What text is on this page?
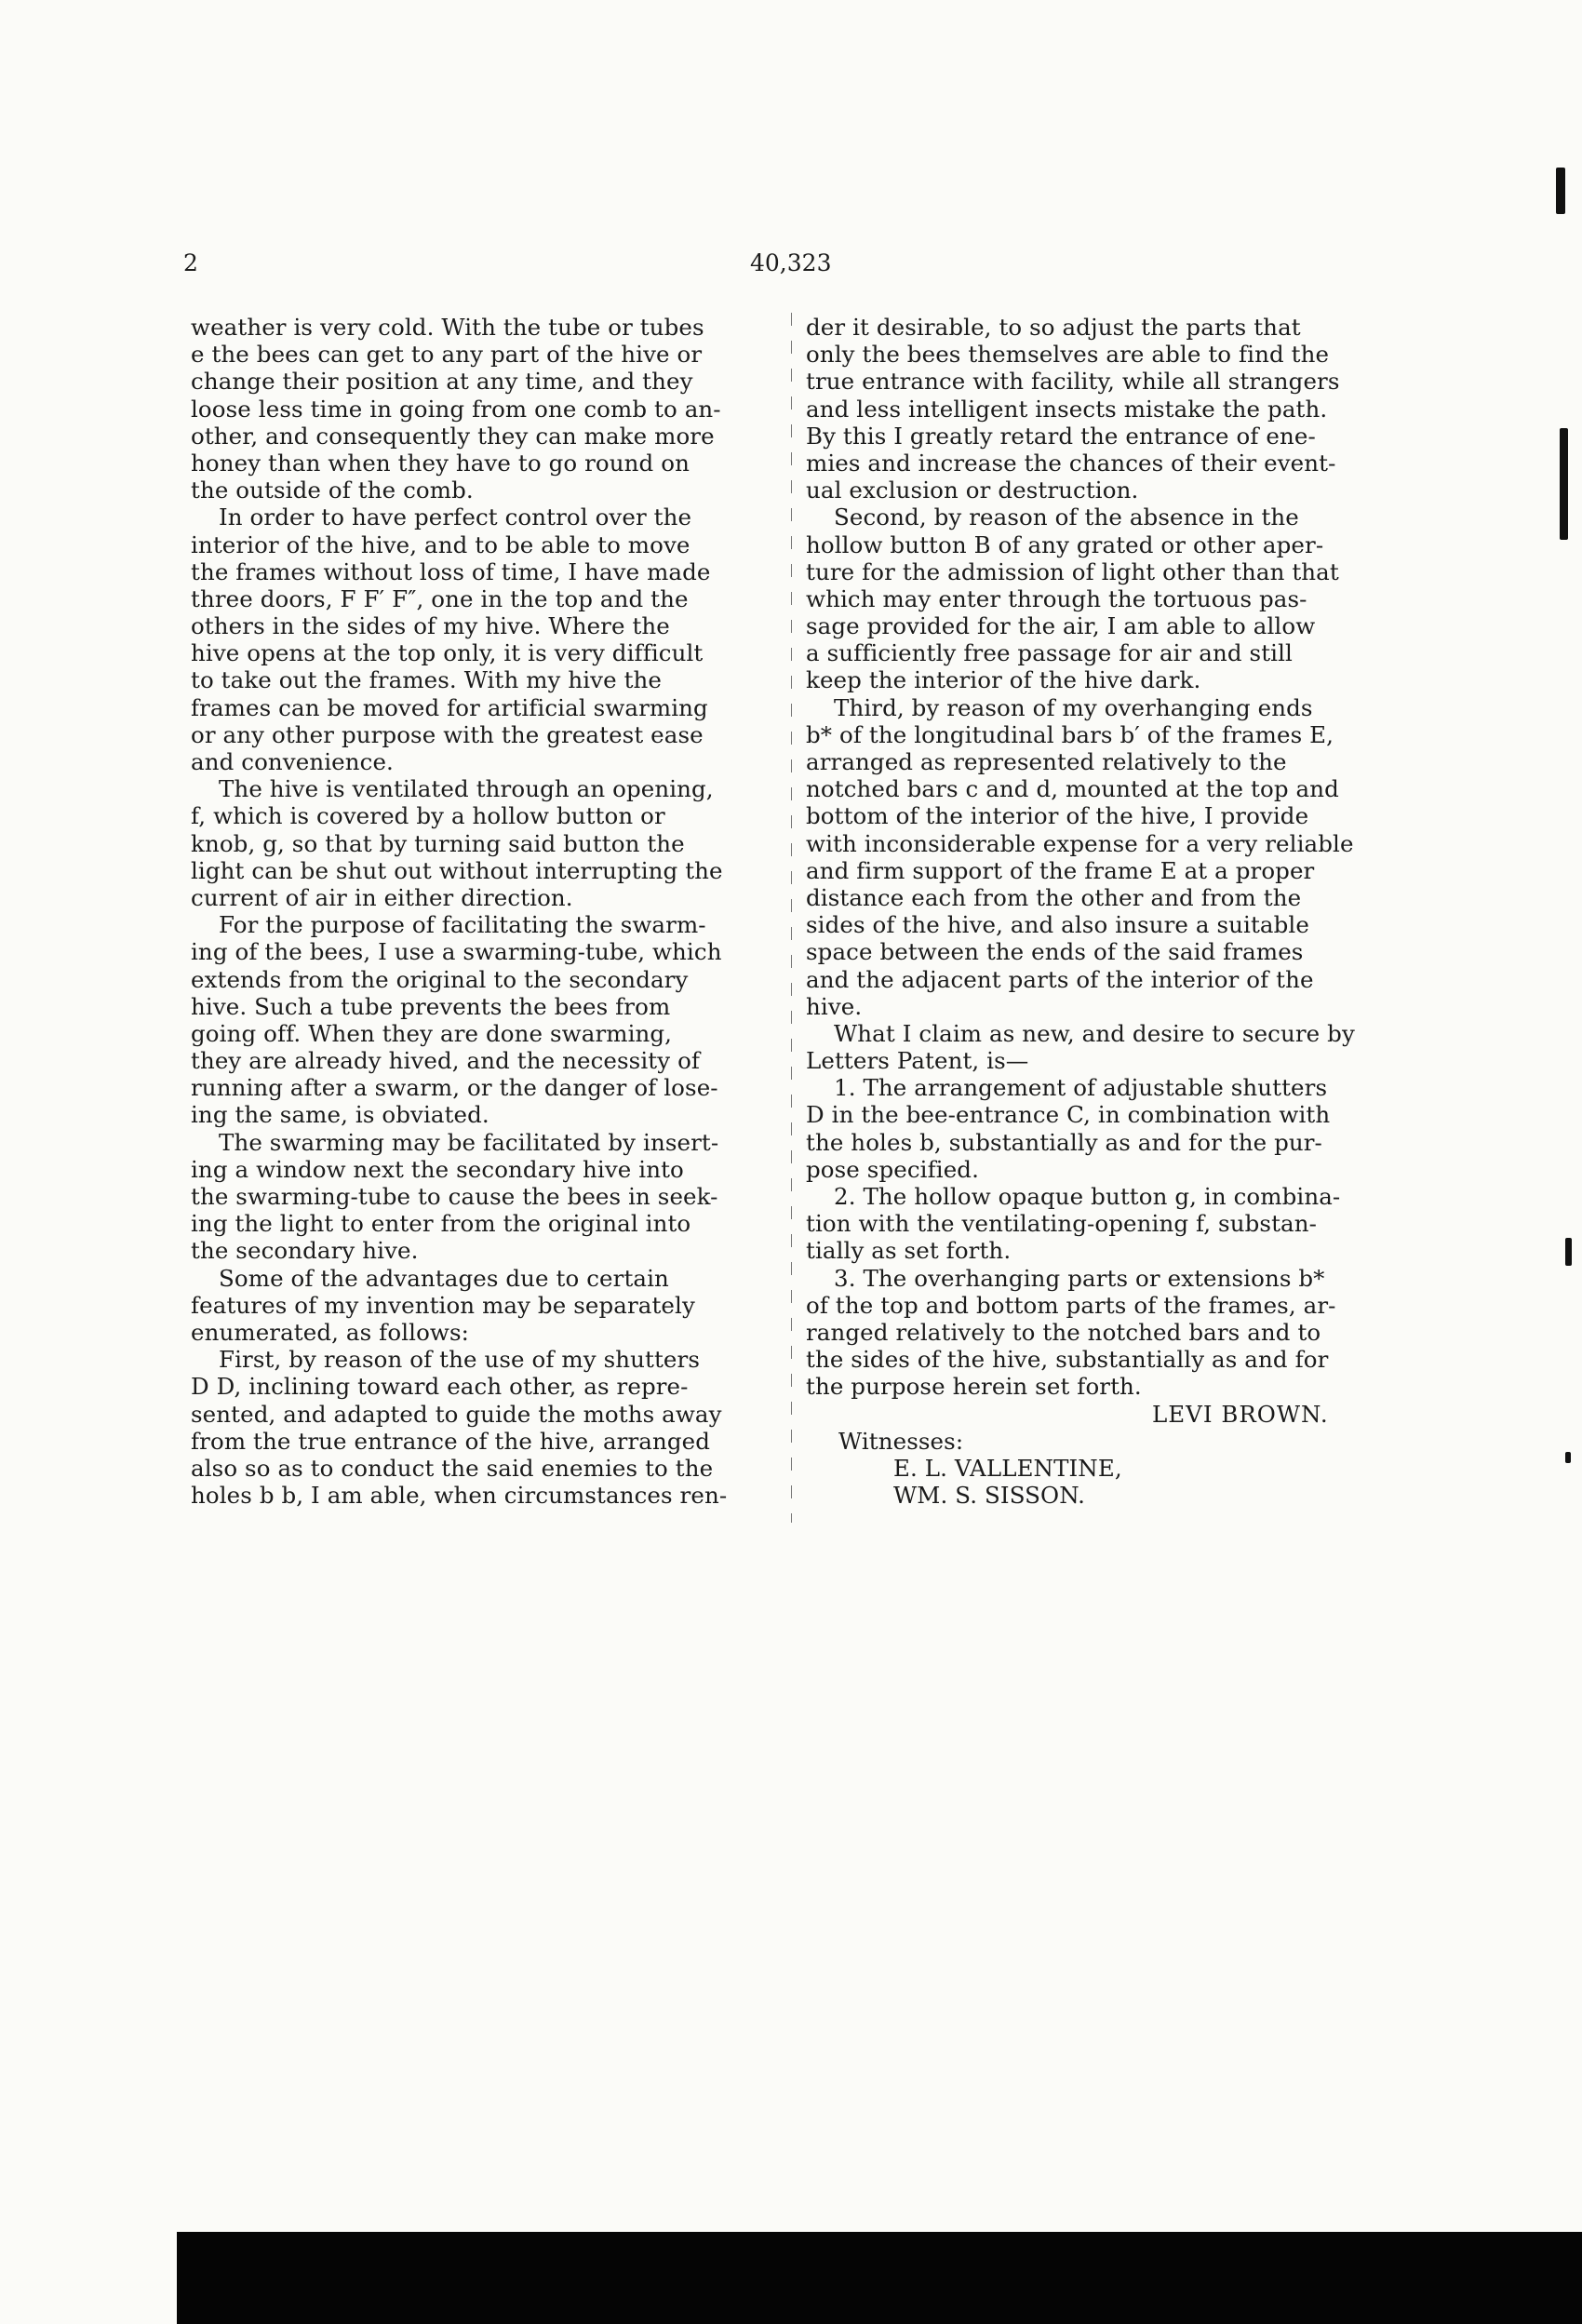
2	40,323
weather is very cold. With the tube or tubes
e the bees can get to any part of the hive or
change their position at any time, and they
loose less time in going from one comb to an-
other, and consequently they can make more
honey than when they have to go round on
the outside of the comb.
In order to have perfect control over the
interior of the hive, and to be able to move
the frames without loss of time, I have made
three doors, F F′ F″, one in the top and the
others in the sides of my hive. Where the
hive opens at the top only, it is very difficult
to take out the frames. With my hive the
frames can be moved for artificial swarming
or any other purpose with the greatest ease
and convenience.
The hive is ventilated through an opening,
f, which is covered by a hollow button or
knob, g, so that by turning said button the
light can be shut out without interrupting the
current of air in either direction.
For the purpose of facilitating the swarm-
ing of the bees, I use a swarming-tube, which
extends from the original to the secondary
hive. Such a tube prevents the bees from
going off. When they are done swarming,
they are already hived, and the necessity of
running after a swarm, or the danger of lose-
ing the same, is obviated.
The swarming may be facilitated by insert-
ing a window next the secondary hive into
the swarming-tube to cause the bees in seek-
ing the light to enter from the original into
the secondary hive.
Some of the advantages due to certain
features of my invention may be separately
enumerated, as follows:
First, by reason of the use of my shutters
D D, inclining toward each other, as repre-
sented, and adapted to guide the moths away
from the true entrance of the hive, arranged
also so as to conduct the said enemies to the
holes b b, I am able, when circumstances ren-
der it desirable, to so adjust the parts that
only the bees themselves are able to find the
true entrance with facility, while all strangers
and less intelligent insects mistake the path.
By this I greatly retard the entrance of ene-
mies and increase the chances of their event-
ual exclusion or destruction.
Second, by reason of the absence in the
hollow button B of any grated or other aper-
ture for the admission of light other than that
which may enter through the tortuous pas-
sage provided for the air, I am able to allow
a sufficiently free passage for air and still
keep the interior of the hive dark.
Third, by reason of my overhanging ends
b* of the longitudinal bars b′ of the frames E,
arranged as represented relatively to the
notched bars c and d, mounted at the top and
bottom of the interior of the hive, I provide
with inconsiderable expense for a very reliable
and firm support of the frame E at a proper
distance each from the other and from the
sides of the hive, and also insure a suitable
space between the ends of the said frames
and the adjacent parts of the interior of the
hive.
What I claim as new, and desire to secure by
Letters Patent, is—
1. The arrangement of adjustable shutters
D in the bee-entrance C, in combination with
the holes b, substantially as and for the pur-
pose specified.
2. The hollow opaque button g, in combina-
tion with the ventilating-opening f, substan-
tially as set forth.
3. The overhanging parts or extensions b*
of the top and bottom parts of the frames, ar-
ranged relatively to the notched bars and to
the sides of the hive, substantially as and for
the purpose herein set forth.
LEVI BROWN.
Witnesses:
E. L. VALLENTINE,
WM. S. SISSON.
